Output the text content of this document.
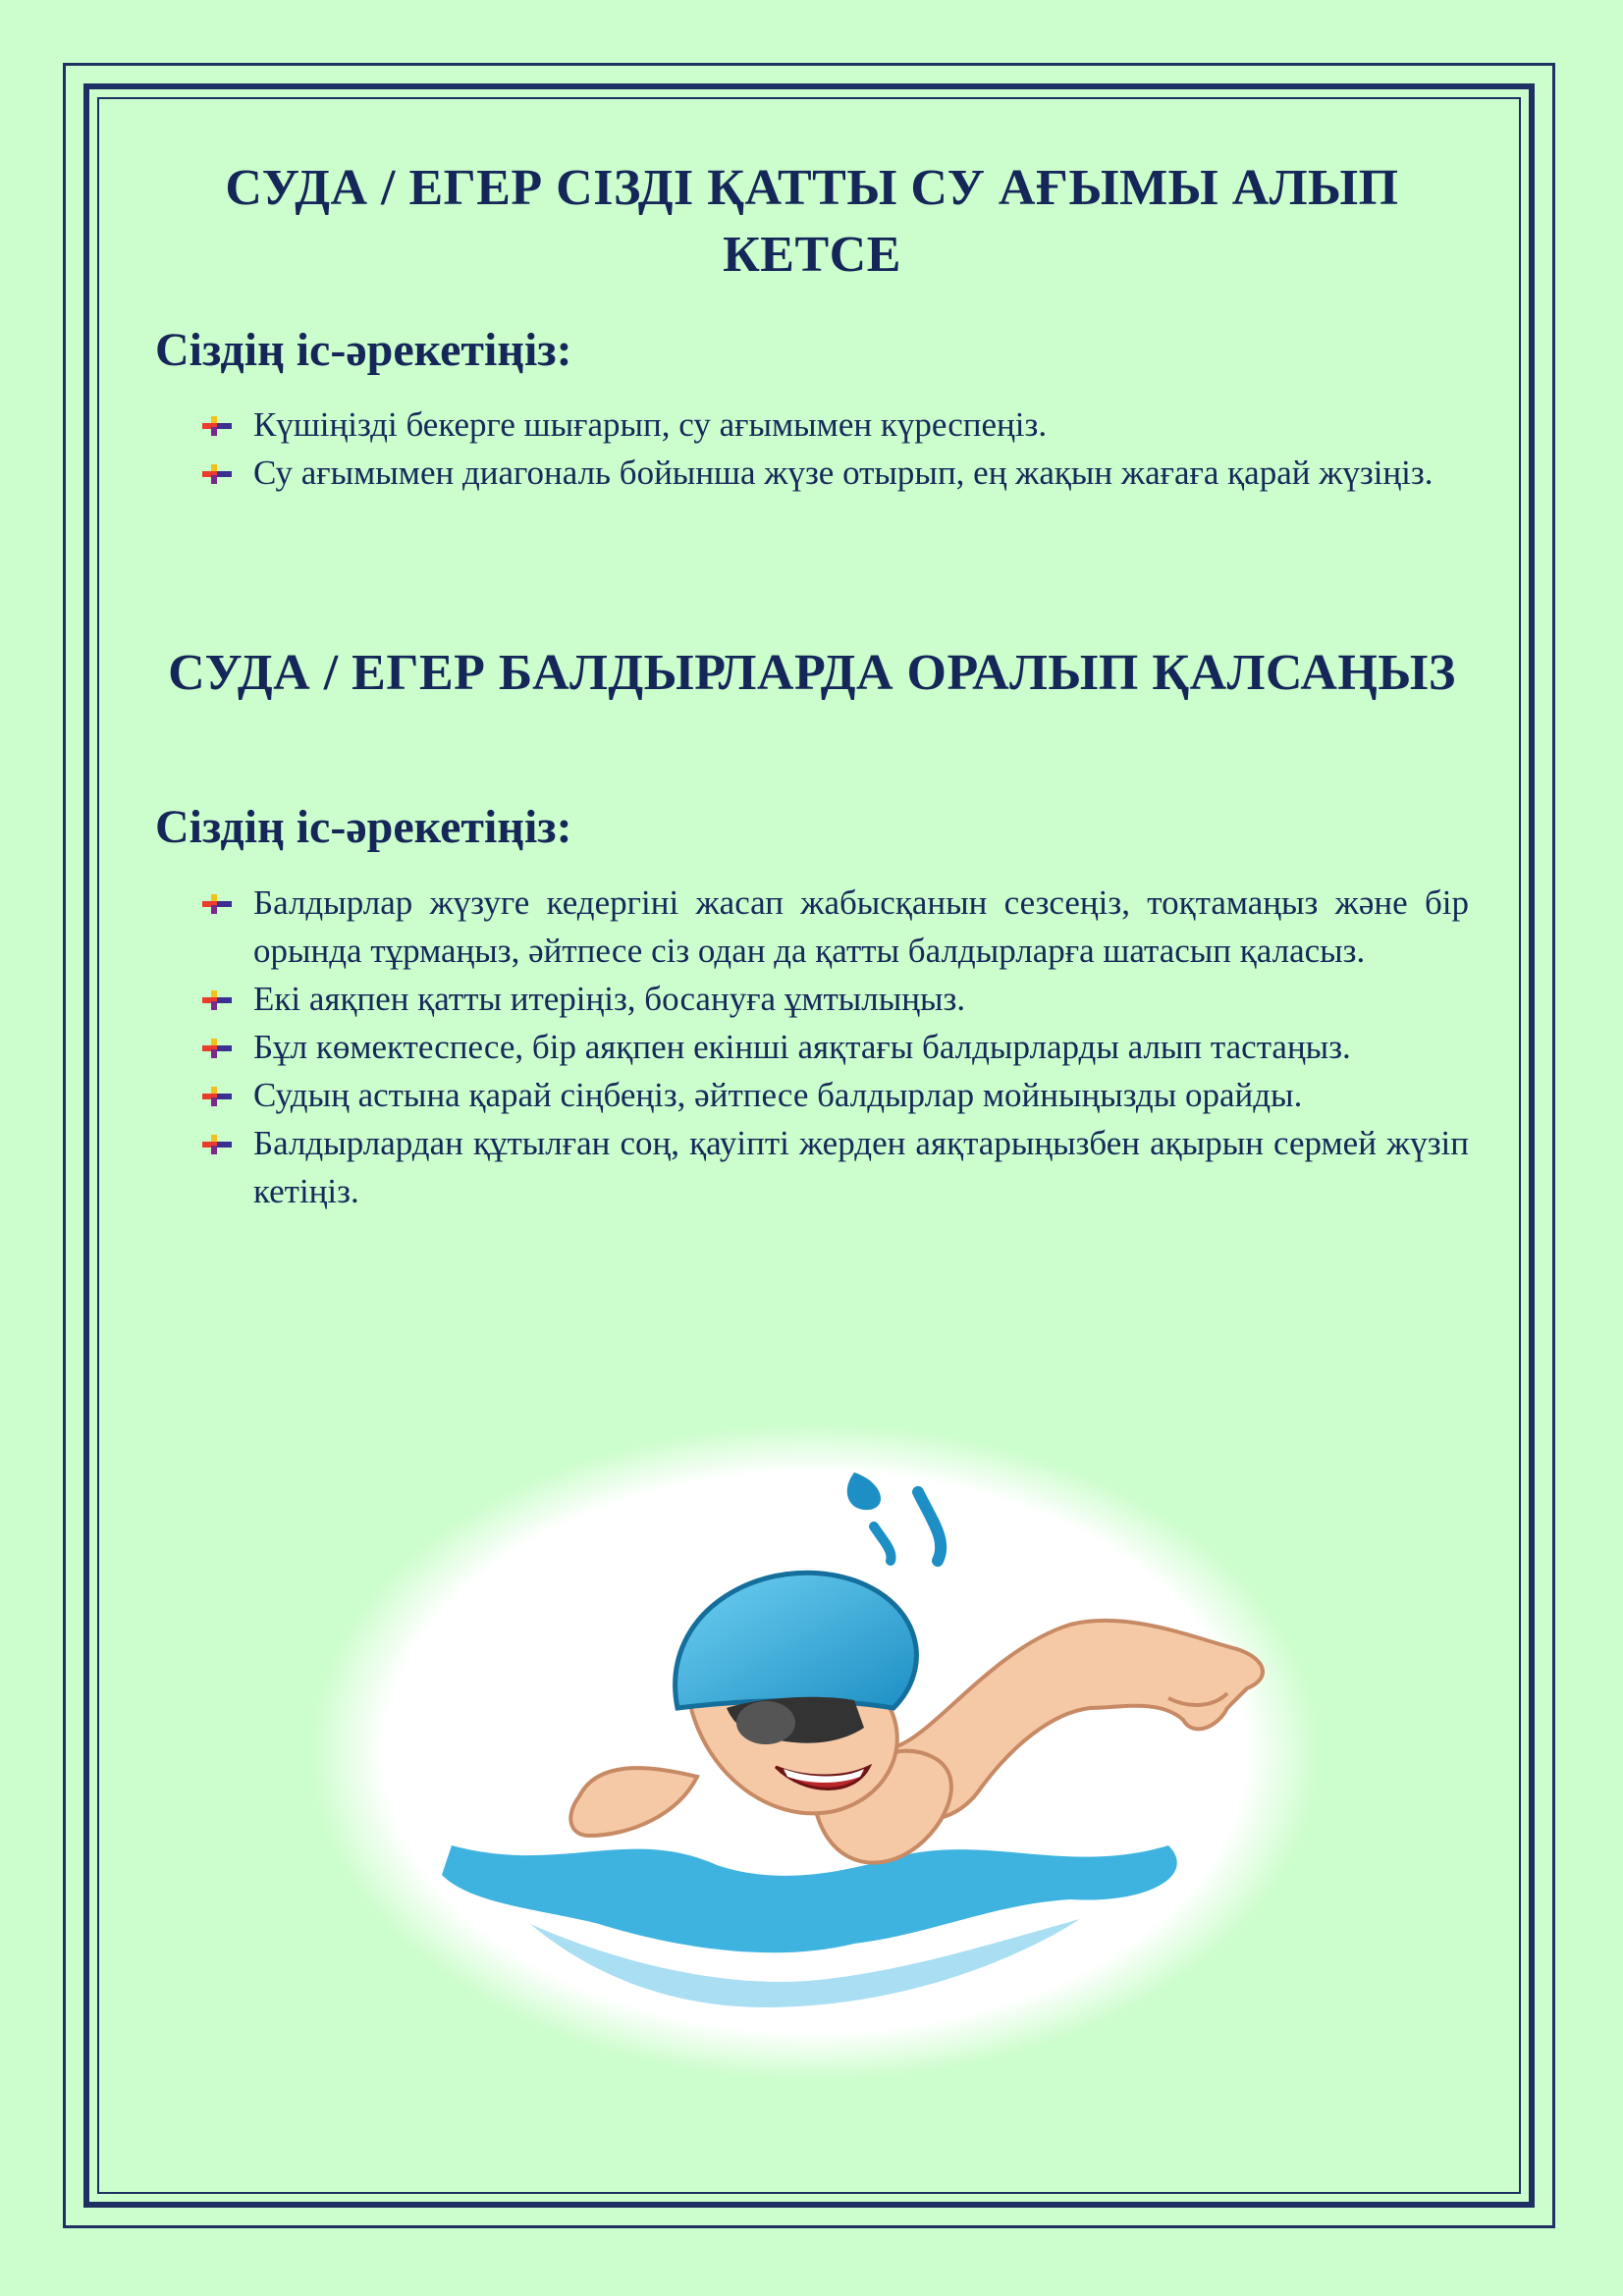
СУДА / ЕГЕР СІЗДІ ҚАТТЫ СУ АҒЫМЫ АЛЫП КЕТСЕ
Сіздің іс-әрекетіңіз:
Күшіңізді бекерге шығарып, су ағымымен күреспеңіз.
Су ағымымен диагональ бойынша жүзе отырып, ең жақын жағаға қарай жүзіңіз.
СУДА / ЕГЕР БАЛДЫРЛАРДА ОРАЛЫП ҚАЛСАҢЫЗ
Сіздің іс-әрекетіңіз:
Балдырлар жүзуге кедергіні жасап жабысқанын сезсеңіз, тоқтамаңыз және бір орында тұрмаңыз, әйтпесе сіз одан да қатты балдырларға шатасып қаласыз.
Екі аяқпен қатты итеріңіз, босануға ұмтылыңыз.
Бұл көмектеспесе, бір аяқпен екінші аяқтағы балдырларды алып тастаңыз.
Судың астына қарай сіңбеңіз, әйтпесе балдырлар мойныңызды орайды.
Балдырлардан құтылған соң, қауіпті жерден аяқтарыңызбен ақырын сермей жүзіп кетіңіз.
